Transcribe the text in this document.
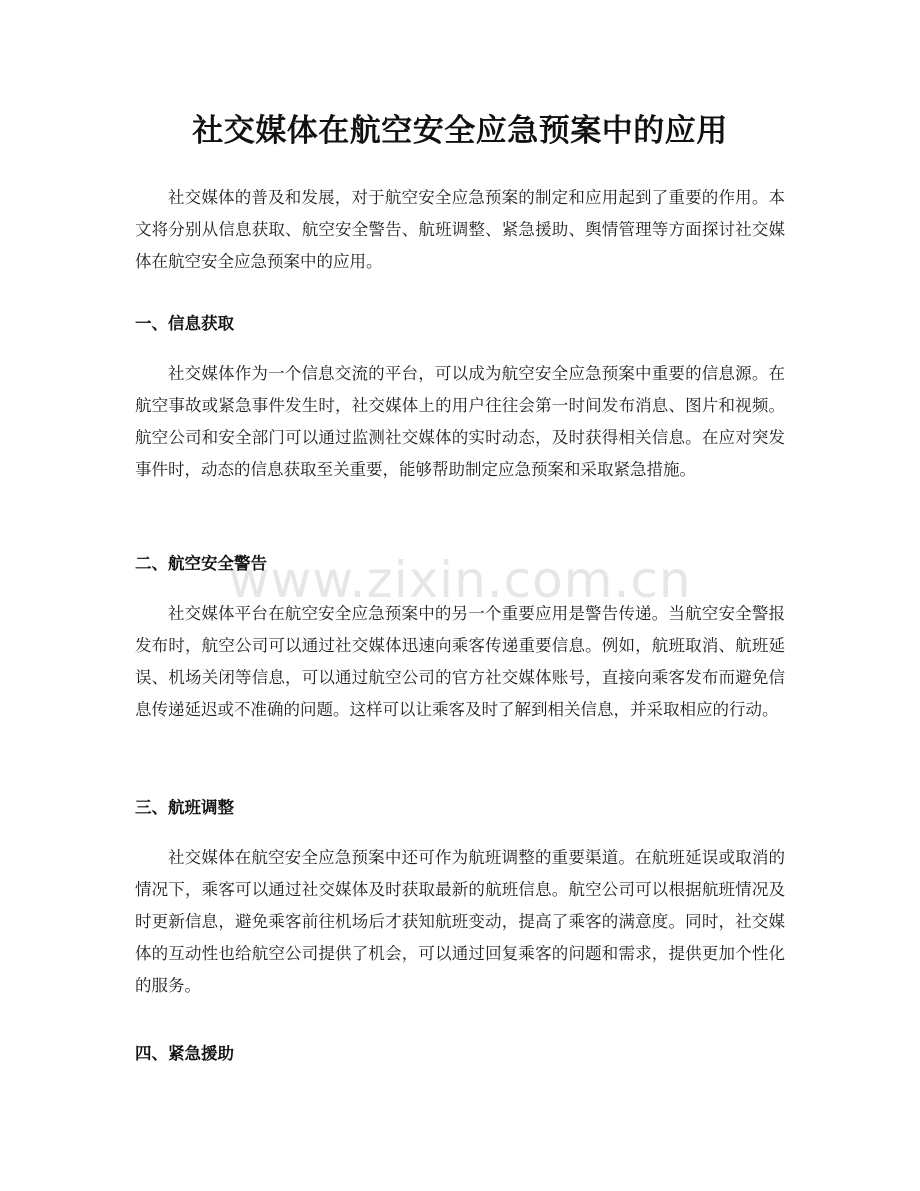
社交媒体在航空安全应急预案中的应用

社交媒体的普及和发展，对于航空安全应急预案的制定和应用起到了重要的作用。本文将分别从信息获取、航空安全警告、航班调整、紧急援助、舆情管理等方面探讨社交媒体在航空安全应急预案中的应用。

一、信息获取

社交媒体作为一个信息交流的平台，可以成为航空安全应急预案中重要的信息源。在航空事故或紧急事件发生时，社交媒体上的用户往往会第一时间发布消息、图片和视频。航空公司和安全部门可以通过监测社交媒体的实时动态，及时获得相关信息。在应对突发事件时，动态的信息获取至关重要，能够帮助制定应急预案和采取紧急措施。

二、航空安全警告

社交媒体平台在航空安全应急预案中的另一个重要应用是警告传递。当航空安全警报发布时，航空公司可以通过社交媒体迅速向乘客传递重要信息。例如，航班取消、航班延误、机场关闭等信息，可以通过航空公司的官方社交媒体账号，直接向乘客发布而避免信息传递延迟或不准确的问题。这样可以让乘客及时了解到相关信息，并采取相应的行动。

三、航班调整

社交媒体在航空安全应急预案中还可作为航班调整的重要渠道。在航班延误或取消的情况下，乘客可以通过社交媒体及时获取最新的航班信息。航空公司可以根据航班情况及时更新信息，避免乘客前往机场后才获知航班变动，提高了乘客的满意度。同时，社交媒体的互动性也给航空公司提供了机会，可以通过回复乘客的问题和需求，提供更加个性化的服务。

四、紧急援助
www.zixin.com.cn
